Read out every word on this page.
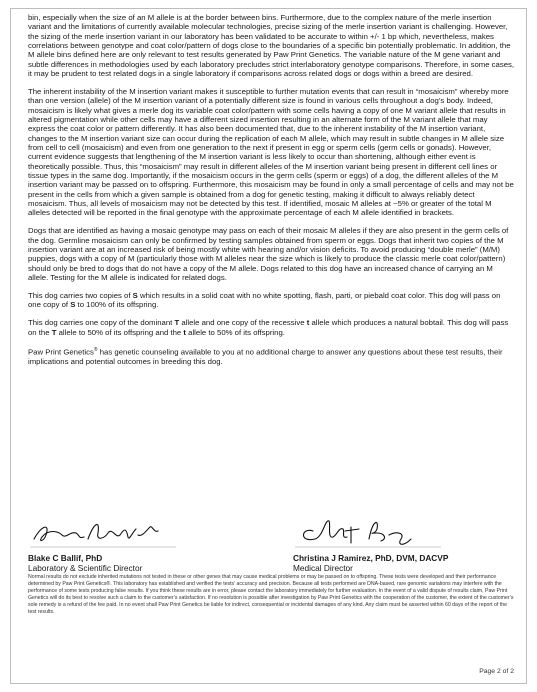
bin, especially when the size of an M allele is at the border between bins. Furthermore, due to the complex nature of the merle insertion variant and the limitations of currently available molecular technologies, precise sizing of the merle insertion variant is challenging. However, the sizing of the merle insertion variant in our laboratory has been validated to be accurate to within +/- 1 bp which, nevertheless, makes correlations between genotype and coat color/pattern of dogs close to the boundaries of a specific bin potentially problematic. In addition, the M allele bins defined here are only relevant to test results generated by Paw Print Genetics. The variable nature of the M gene variant and subtle differences in methodologies used by each laboratory precludes strict interlaboratory genotype comparisons. Therefore, in some cases, it may be prudent to test related dogs in a single laboratory if comparisons across related dogs or dogs within a breed are desired.

The inherent instability of the M insertion variant makes it susceptible to further mutation events that can result in “mosaicism” whereby more than one version (allele) of the M insertion variant of a potentially different size is found in various cells throughout a dog’s body. Indeed, mosaicism is likely what gives a merle dog its variable coat color/pattern with some cells having a copy of one M variant allele that results in altered pigmentation while other cells may have a different sized insertion resulting in an alternate form of the M variant allele that may express the coat color or pattern differently. It has also been documented that, due to the inherent instability of the M insertion variant, changes to the M insertion variant size can occur during the replication of each M allele, which may result in subtle changes in M allele size from cell to cell (mosaicism) and even from one generation to the next if present in egg or sperm cells (germ cells or gonads). However, current evidence suggests that lengthening of the M insertion variant is less likely to occur than shortening, although either event is theoretically possible. Thus, this “mosaicism” may result in different alleles of the M insertion variant being present in different cell lines or tissue types in the same dog. Importantly, if the mosaicism occurs in the germ cells (sperm or eggs) of a dog, the different alleles of the M insertion variant may be passed on to offspring. Furthermore, this mosaicism may be found in only a small percentage of cells and may not be present in the cells from which a given sample is obtained from a dog for genetic testing, making it difficult to always reliably detect mosaicism. Thus, all levels of mosaicism may not be detected by this test. If identified, mosaic M alleles at ~5% or greater of the total M alleles detected will be reported in the final genotype with the approximate percentage of each M allele identified in brackets.

Dogs that are identified as having a mosaic genotype may pass on each of their mosaic M alleles if they are also present in the germ cells of the dog. Germline mosaicism can only be confirmed by testing samples obtained from sperm or eggs. Dogs that inherit two copies of the M insertion variant are at an increased risk of being mostly white with hearing and/or vision deficits. To avoid producing “double merle” (M/M) puppies, dogs with a copy of M (particularly those with M alleles near the size which is likely to produce the classic merle coat color/pattern) should only be bred to dogs that do not have a copy of the M allele. Dogs related to this dog have an increased chance of carrying an M allele. Testing for the M allele is indicated for related dogs.

This dog carries two copies of S which results in a solid coat with no white spotting, flash, parti, or piebald coat color. This dog will pass on one copy of S to 100% of its offspring.

This dog carries one copy of the dominant T allele and one copy of the recessive t allele which produces a natural bobtail. This dog will pass on the T allele to 50% of its offspring and the t allele to 50% of its offspring.

Paw Print Genetics® has genetic counseling available to you at no additional charge to answer any questions about these test results, their implications and potential outcomes in breeding this dog.

Blake C Ballif, PhD
Laboratory & Scientific Director
Christina J Ramirez, PhD, DVM, DACVP
Medical Director
Normal results do not exclude inherited mutations not tested in these or other genes that may cause medical problems or may be passed on to offspring. These tests were developed and their performance determined by Paw Print Genetics®. This laboratory has established and verified the tests’ accuracy and precision. Because all tests performed are DNA-based, rare genomic variations may interfere with the performance of some tests producing false results. If you think these results are in error, please contact the laboratory immediately for further evaluation. In the event of a valid dispute of results claim, Paw Print Genetics will do its best to resolve such a claim to the customer’s satisfaction. If no resolution is possible after investigation by Paw Print Genetics with the cooperation of the customer, the extent of the customer’s sole remedy is a refund of the fee paid. In no event shall Paw Print Genetics be liable for indirect, consequential or incidental damages of any kind. Any claim must be asserted within 60 days of the report of the test results.
Page 2 of 2
